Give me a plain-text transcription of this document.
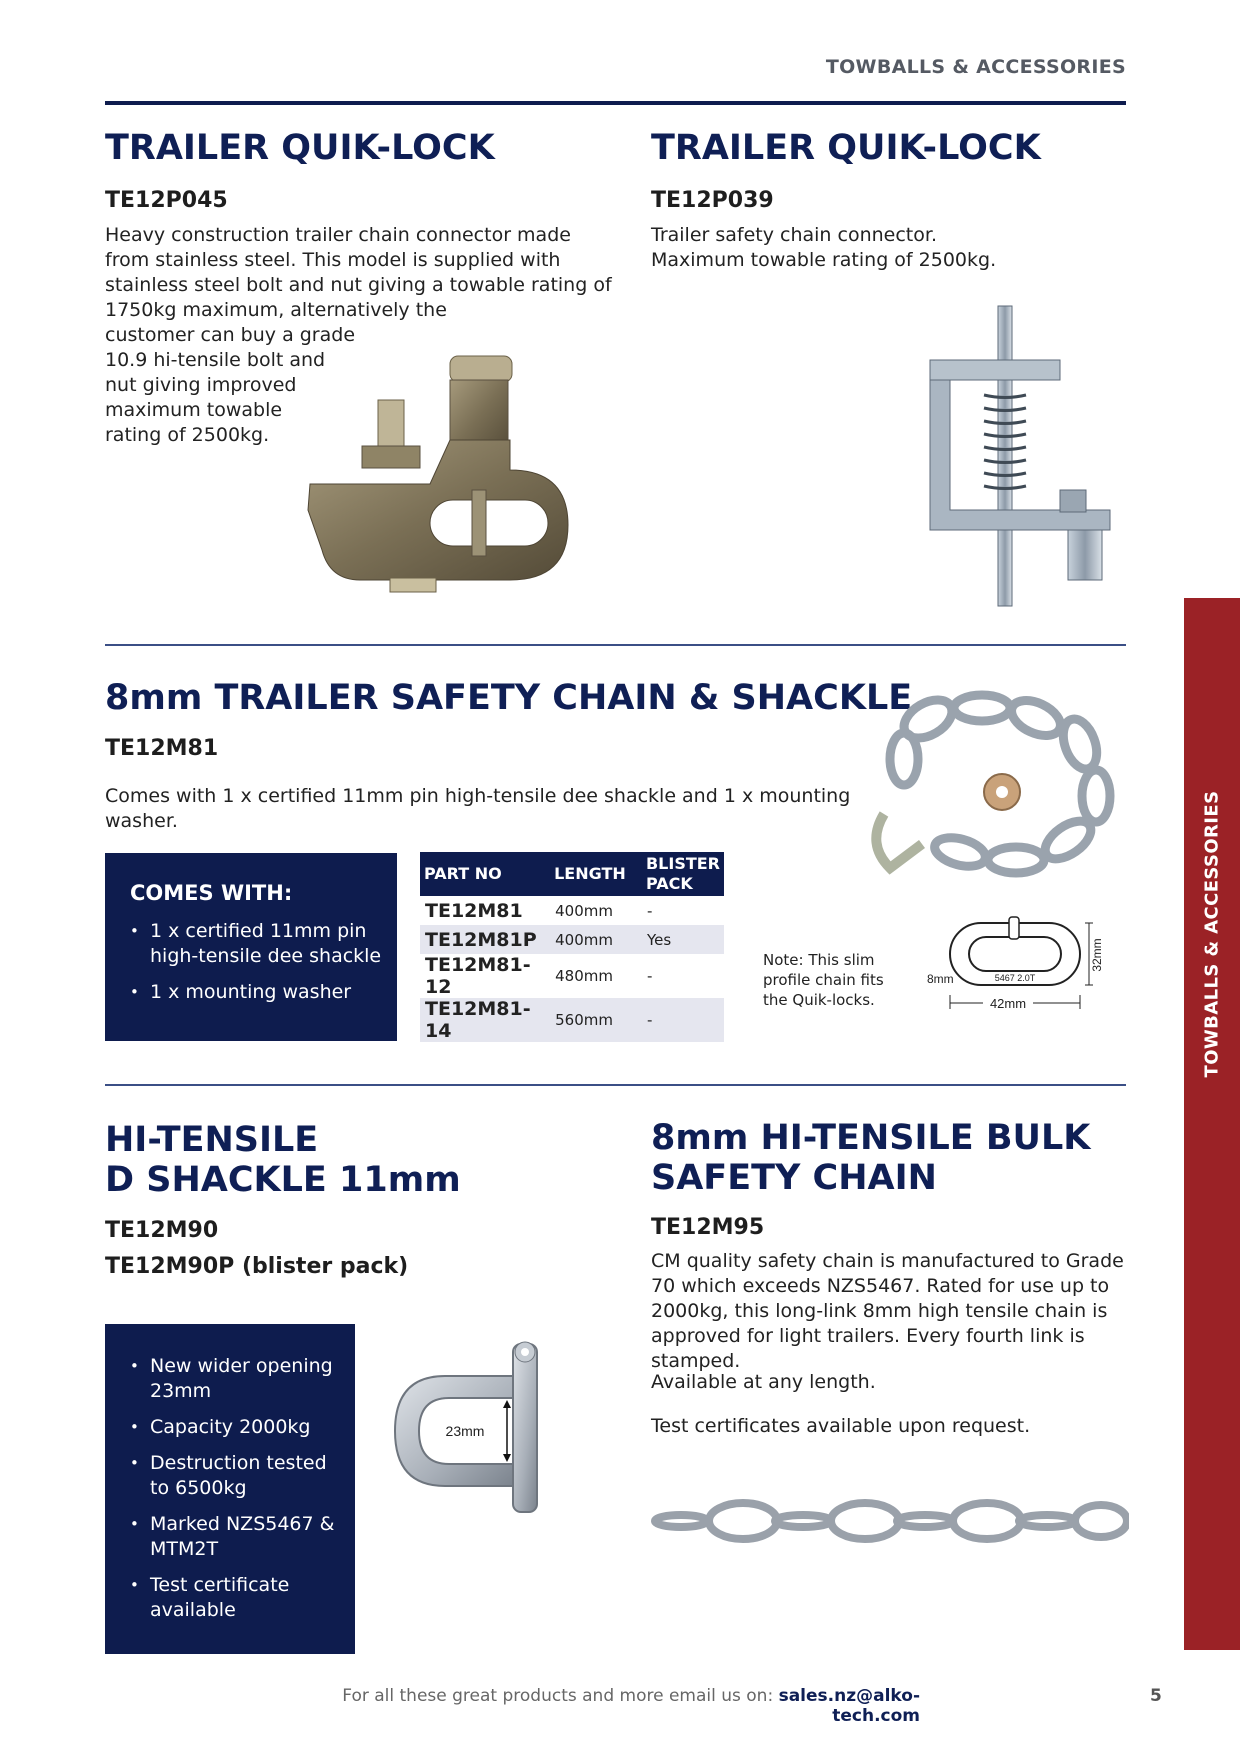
TOWBALLS & ACCESSORIES
TOWBALLS & ACCESSORIES
TRAILER QUIK-LOCK
TE12P045
Heavy construction trailer chain connector made
from stainless steel. This model is supplied with
stainless steel bolt and nut giving a towable rating of
1750kg maximum, alternatively the
customer can buy a grade
10.9 hi-tensile bolt and
nut giving improved
maximum towable
rating of 2500kg.
TRAILER QUIK-LOCK
TE12P039
Trailer safety chain connector.
Maximum towable rating of 2500kg.
8mm TRAILER SAFETY CHAIN & SHACKLE
TE12M81
Comes with 1 x certified 11mm pin high-tensile dee shackle and 1 x mounting washer.
COMES WITH:
• 1 x certified 11mm pin high-tensile dee shackle
• 1 x mounting washer
PART NO	LENGTH	BLISTER PACK
TE12M81	400mm	-
TE12M81P	400mm	Yes
TE12M81-12	480mm	-
TE12M81-14	560mm	-
Note: This slim profile chain fits the Quik-locks.	42mm
5467 2.0T
8mm
32mm
HI-TENSILE
D SHACKLE 11mm
TE12M90
TE12M90P (blister pack)
• New wider opening 23mm
• Capacity 2000kg
• Destruction tested to 6500kg
• Marked NZS5467 & MTM2T
• Test certificate available
23mm
8mm HI-TENSILE BULK
SAFETY CHAIN
TE12M95
CM quality safety chain is manufactured to Grade 70 which exceeds NZS5467. Rated for use up to 2000kg, this long-link 8mm high tensile chain is approved for light trailers. Every fourth link is stamped.
Available at any length.
Test certificates available upon request.
For all these great products and more email us on: sales.nz@alko-tech.com
5
